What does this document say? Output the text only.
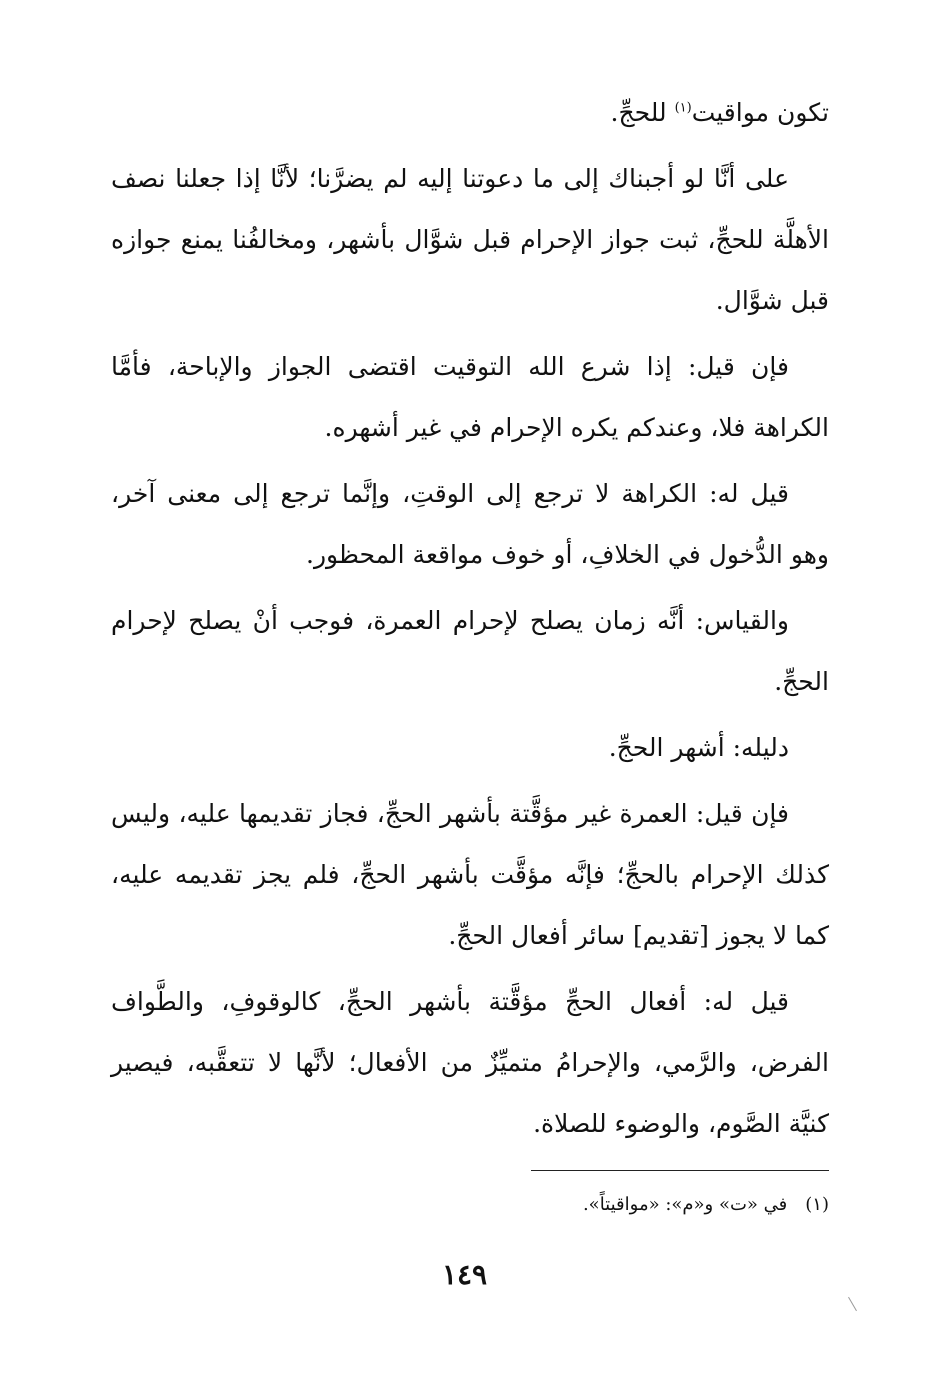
تكون مواقيت$^{(١)}$ للحجِّ.

على أنَّا لو أجبناك إلى ما دعوتنا إليه لم يضرَّنا؛ لأنَّا إذا جعلنا نصف الأهلَّة للحجِّ، ثبت جواز الإحرام قبل شوَّال بأشهر، ومخالفُنا يمنع جوازه قبل شوَّال.

فإن قيل: إذا شرع الله التوقيت اقتضى الجواز والإباحة، فأمَّا الكراهة فلا، وعندكم يكره الإحرام في غير أشهره.

قيل له: الكراهة لا ترجع إلى الوقتِ، وإنَّما ترجع إلى معنى آخر، وهو الدُّخول في الخلافِ، أو خوف مواقعة المحظور.

والقياس: أنَّه زمان يصلح لإحرام العمرة، فوجب أنْ يصلح لإحرام الحجِّ.

دليله: أشهر الحجِّ.

فإن قيل: العمرة غير مؤقَّتة بأشهر الحجِّ، فجاز تقديمها عليه، وليس كذلك الإحرام بالحجِّ؛ فإنَّه مؤقَّت بأشهر الحجِّ، فلم يجز تقديمه عليه، كما لا يجوز [تقديم] سائر أفعال الحجِّ.

قيل له: أفعال الحجِّ مؤقَّتة بأشهر الحجِّ، كالوقوفِ، والطَّواف الفرض، والرَّمي، والإحرامُ متميِّزٌ من الأفعال؛ لأنَّها لا تتعقَّبه، فيصير كنيَّة الصَّوم، والوضوء للصلاة.

(١)
في «ت» و«م»: «مواقيتاً».
١٤٩
